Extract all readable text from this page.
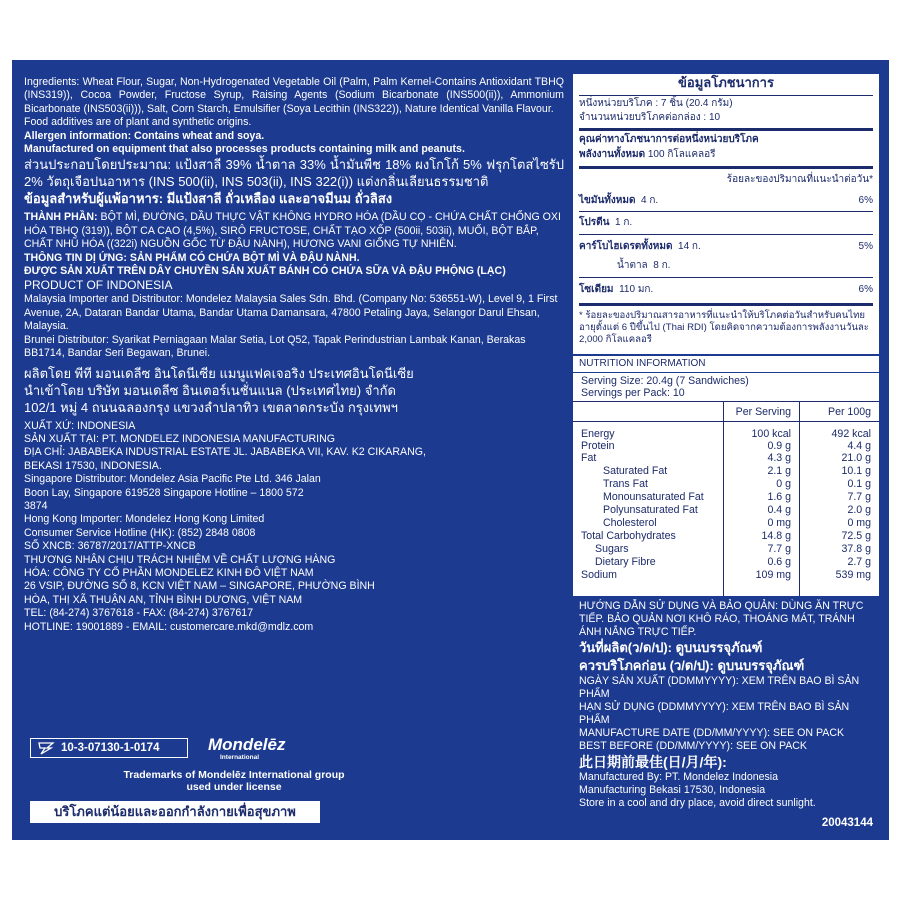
Ingredients: Wheat Flour, Sugar, Non-Hydrogenated Vegetable Oil (Palm, Palm Kernel-Contains Antioxidant TBHQ (INS319)), Cocoa Powder, Fructose Syrup, Raising Agents (Sodium Bicarbonate (INS500(ii)), Ammonium Bicarbonate (INS503(ii))), Salt, Corn Starch, Emulsifier (Soya Lecithin (INS322)), Nature Identical Vanilla Flavour.

Food additives are of plant and synthetic origins.

Allergen information: Contains wheat and soya.

Manufactured on equipment that also processes products containing milk and peanuts.

ส่วนประกอบโดยประมาณ: แป้งสาลี 39% น้ำตาล 33% น้ำมันพืช 18% ผงโกโก้ 5% ฟรุกโตสไซรัป 2% วัตถุเจือปนอาหาร (INS 500(ii), INS 503(ii), INS 322(i)) แต่งกลิ่นเลียนธรรมชาติ

ข้อมูลสำหรับผู้แพ้อาหาร: มีแป้งสาลี ถั่วเหลือง และอาจมีนม ถั่วลิสง

THÀNH PHẦN: BỘT MÌ, ĐƯỜNG, DẦU THỰC VẬT KHÔNG HYDRO HÓA (DẦU CỌ - CHỨA CHẤT CHỐNG OXI HÓA TBHQ (319)), BỘT CA CAO (4,5%), SIRÔ FRUCTOSE, CHẤT TẠO XỐP (500ii, 503ii), MUỐI, BỘT BẮP, CHẤT NHŨ HÓA ((322i) NGUỒN GỐC TỪ ĐẬU NÀNH), HƯƠNG VANI GIỐNG TỰ NHIÊN.

THÔNG TIN DỊ ỨNG: SẢN PHẨM CÓ CHỨA BỘT MÌ VÀ ĐẬU NÀNH.

ĐƯỢC SẢN XUẤT TRÊN DÂY CHUYỀN SẢN XUẤT BÁNH CÓ CHỨA SỮA VÀ ĐẬU PHỘNG (LẠC)

PRODUCT OF INDONESIA

Malaysia Importer and Distributor: Mondelez Malaysia Sales Sdn. Bhd. (Company No: 536551-W), Level 9, 1 First Avenue, 2A, Dataran Bandar Utama, Bandar Utama Damansara, 47800 Petaling Jaya, Selangor Darul Ehsan, Malaysia.

Brunei Distributor: Syarikat Perniagaan Malar Setia, Lot Q52, Tapak Perindustrian Lambak Kanan, Berakas BB1714, Bandar Seri Begawan, Brunei.

ผลิตโดย พีที มอนเดลีซ อินโดนีเซีย แมนูแฟคเจอริง ประเทศอินโดนีเซีย

นำเข้าโดย บริษัท มอนเดลีซ อินเตอร์เนชั่นแนล (ประเทศไทย) จำกัด

102/1 หมู่ 4 ถนนฉลองกรุง แขวงลำปลาทิว เขตลาดกระบัง กรุงเทพฯ

XUẤT XỨ: INDONESIA

SẢN XUẤT TẠI: PT. MONDELEZ INDONESIA MANUFACTURING

ĐỊA CHỈ: JABABEKA INDUSTRIAL ESTATE JL. JABABEKA VII, KAV. K2 CIKARANG, BEKASI 17530, INDONESIA.

Singapore Distributor: Mondelez Asia Pacific Pte Ltd. 346 Jalan Boon Lay, Singapore 619528 Singapore Hotline – 1800 572 3874

Hong Kong Importer: Mondelez Hong Kong Limited

Consumer Service Hotline (HK): (852) 2848 0808

SỐ XNCB: 36787/2017/ATTP-XNCB

THƯƠNG NHÂN CHỊU TRÁCH NHIỆM VỀ CHẤT LƯỢNG HÀNG HÓA: CÔNG TY CỔ PHẦN MONDELEZ KINH ĐÔ VIỆT NAM

26 VSIP, ĐƯỜNG SỐ 8, KCN VIỆT NAM – SINGAPORE, PHƯỜNG BÌNH HÒA, THỊ XÃ THUẬN AN, TỈNH BÌNH DƯƠNG, VIỆT NAM

TEL: (84-274) 3767618 - FAX: (84-274) 3767617

HOTLINE: 19001889 - EMAIL: customercare.mkd@mdlz.com

10-3-07130-1-0174	Mondelēz
International
Trademarks of Mondelēz International group used under license
บริโภคแต่น้อยและออกกำลังกายเพื่อสุขภาพ
ข้อมูลโภชนาการ
หนึ่งหน่วยบริโภค : 7 ชิ้น (20.4 กรัม)
จำนวนหน่วยบริโภคต่อกล่อง : 10
คุณค่าทางโภชนาการต่อหนึ่งหน่วยบริโภค
พลังงานทั้งหมด 100 กิโลแคลอรี
ร้อยละของปริมาณที่แนะนำต่อวัน*
ไขมันทั้งหมด 4 ก.	6%
โปรตีน 1 ก.
คาร์โบไฮเดรตทั้งหมด 14 ก.	5%
น้ำตาล 8 ก.
โซเดียม 110 มก.	6%
* ร้อยละของปริมาณสารอาหารที่แนะนำให้บริโภคต่อวันสำหรับคนไทยอายุตั้งแต่ 6 ปีขึ้นไป (Thai RDI) โดยคิดจากความต้องการพลังงานวันละ 2,000 กิโลแคลอรี
NUTRITION INFORMATION
Serving Size: 20.4g (7 Sandwiches)
Servings per Pack: 10
Per Serving	Per 100g
Energy	100 kcal	492 kcal
Protein	0.9 g	4.4 g
Fat	4.3 g	21.0 g
Saturated Fat	2.1 g	10.1 g
Trans Fat	0 g	0.1 g
Monounsaturated Fat	1.6 g	7.7 g
Polyunsaturated Fat	0.4 g	2.0 g
Cholesterol	0 mg	0 mg
Total Carbohydrates	14.8 g	72.5 g
Sugars	7.7 g	37.8 g
Dietary Fibre	0.6 g	2.7 g
Sodium	109 mg	539 mg

HƯỚNG DẪN SỬ DỤNG VÀ BẢO QUẢN: DÙNG ĂN TRỰC TIẾP. BẢO QUẢN NƠI KHÔ RÁO, THOÁNG MÁT, TRÁNH ÁNH NẮNG TRỰC TIẾP.

วันที่ผลิต(ว/ด/ป): ดูบนบรรจุภัณฑ์

ควรบริโภคก่อน (ว/ด/ป): ดูบนบรรจุภัณฑ์

NGÀY SẢN XUẤT (DDMMYYYY): XEM TRÊN BAO BÌ SẢN PHẨM

HẠN SỬ DỤNG (DDMMYYYY): XEM TRÊN BAO BÌ SẢN PHẨM

MANUFACTURE DATE (DD/MM/YYYY): SEE ON PACK

BEST BEFORE (DD/MM/YYYY): SEE ON PACK

此日期前最佳(日/月/年):

Manufactured By: PT. Mondelez Indonesia Manufacturing Bekasi 17530, Indonesia

Store in a cool and dry place, avoid direct sunlight.

20043144
